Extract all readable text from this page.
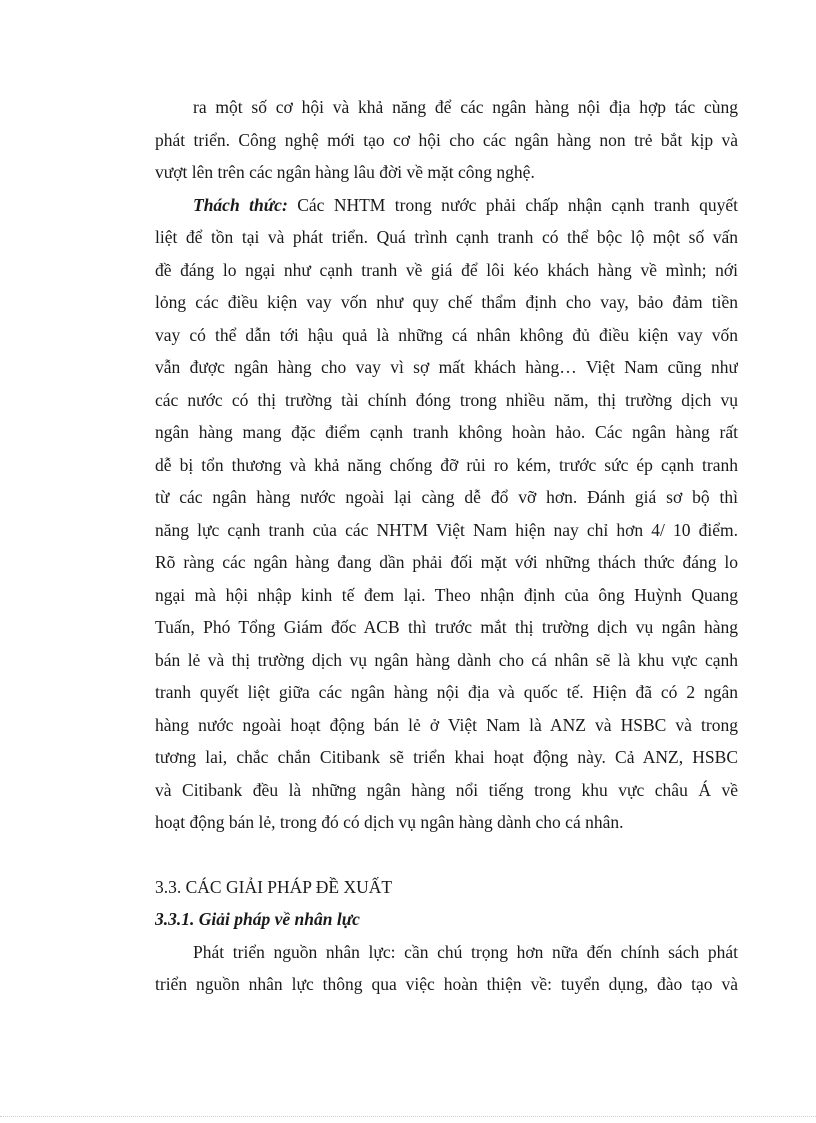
ra một số cơ hội và khả năng để các ngân hàng nội địa hợp tác cùng
phát triển. Công nghệ mới tạo cơ hội cho các ngân hàng non trẻ bắt kịp và
vượt lên trên các ngân hàng lâu đời về mặt công nghệ.
Thách thức: Các NHTM trong nước phải chấp nhận cạnh tranh quyết
liệt để tồn tại và phát triển. Quá trình cạnh tranh có thể bộc lộ một số vấn
đề đáng lo ngại như cạnh tranh về giá để lôi kéo khách hàng về mình; nới
lỏng các điều kiện vay vốn như quy chế thẩm định cho vay, bảo đảm tiền
vay có thể dẫn tới hậu quả là những cá nhân không đủ điều kiện vay vốn
vẫn được ngân hàng cho vay vì sợ mất khách hàng… Việt Nam cũng như
các nước có thị trường tài chính đóng trong nhiều năm, thị trường dịch vụ
ngân hàng mang đặc điểm cạnh tranh không hoàn hảo. Các ngân hàng rất
dễ bị tổn thương và khả năng chống đỡ rủi ro kém, trước sức ép cạnh tranh
từ các ngân hàng nước ngoài lại càng dễ đổ vỡ hơn. Đánh giá sơ bộ thì
năng lực cạnh tranh của các NHTM Việt Nam hiện nay chỉ hơn 4/ 10 điểm.
Rõ ràng các ngân hàng đang dần phải đối mặt với những thách thức đáng lo
ngại mà hội nhập kinh tế đem lại. Theo nhận định của ông Huỳnh Quang
Tuấn, Phó Tổng Giám đốc ACB thì trước mắt thị trường dịch vụ ngân hàng
bán lẻ và thị trường dịch vụ ngân hàng dành cho cá nhân sẽ là khu vực cạnh
tranh quyết liệt giữa các ngân hàng nội địa và quốc tế. Hiện đã có 2 ngân
hàng nước ngoài hoạt động bán lẻ ở Việt Nam là ANZ và HSBC và trong
tương lai, chắc chắn Citibank sẽ triển khai hoạt động này. Cả ANZ, HSBC
và Citibank đều là những ngân hàng nổi tiếng trong khu vực châu Á về
hoạt động bán lẻ, trong đó có dịch vụ ngân hàng dành cho cá nhân.
3.3. CÁC GIẢI PHÁP ĐỀ XUẤT
3.3.1. Giải pháp về nhân lực
Phát triển nguồn nhân lực: cần chú trọng hơn nữa đến chính sách phát
triển nguồn nhân lực thông qua việc hoàn thiện về: tuyển dụng, đào tạo và
